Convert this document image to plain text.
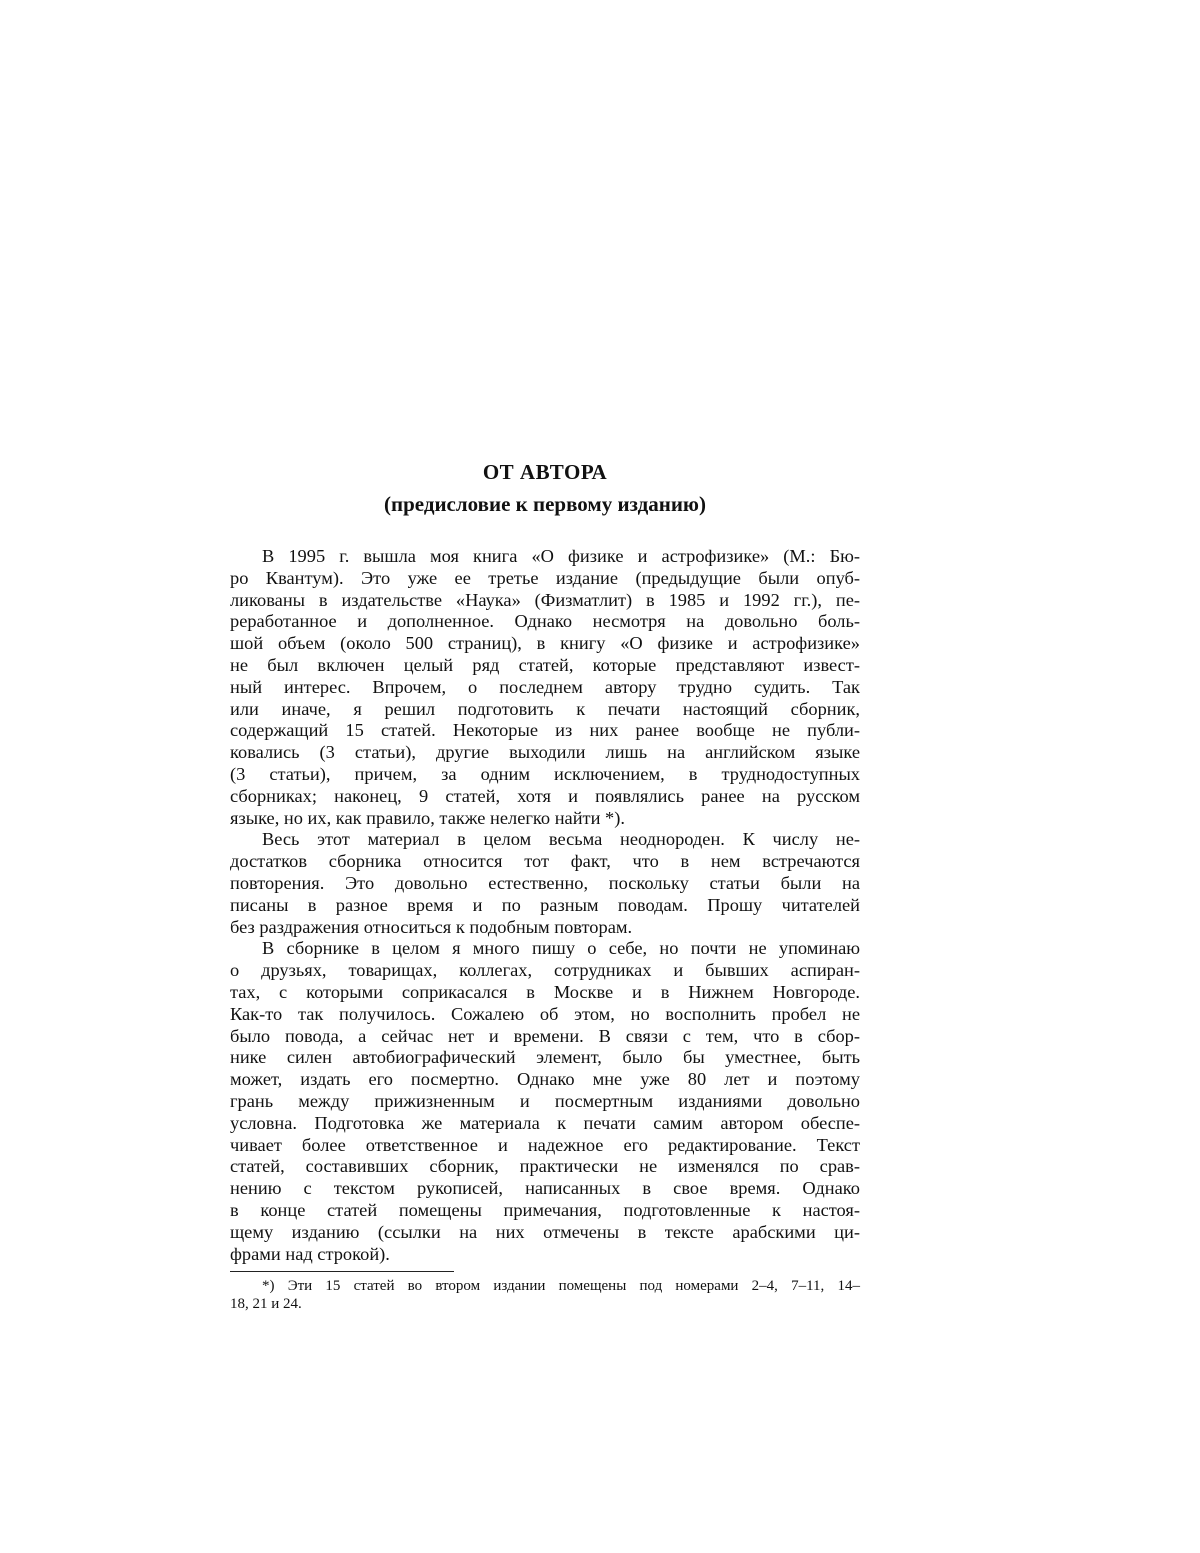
ОТ АВТОРА
(предисловие к первому изданию)
В 1995 г. вышла моя книга «О физике и астрофизике» (М.: Бю-
ро Квантум). Это уже ее третье издание (предыдущие были опуб-
ликованы в издательстве «Наука» (Физматлит) в 1985 и 1992 гг.), пе-
реработанное и дополненное. Однако несмотря на довольно боль-
шой объем (около 500 страниц), в книгу «О физике и астрофизике»
не был включен целый ряд статей, которые представляют извест-
ный интерес. Впрочем, о последнем автору трудно судить. Так
или иначе, я решил подготовить к печати настоящий сборник,
содержащий 15 статей. Некоторые из них ранее вообще не публи-
ковались (3 статьи), другие выходили лишь на английском языке
(3 статьи), причем, за одним исключением, в труднодоступных
сборниках; наконец, 9 статей, хотя и появлялись ранее на русском
языке, но их, как правило, также нелегко найти *).
Весь этот материал в целом весьма неоднороден. К числу не-
достатков сборника относится тот факт, что в нем встречаются
повторения. Это довольно естественно, поскольку статьи были на
писаны в разное время и по разным поводам. Прошу читателей
без раздражения относиться к подобным повторам.
В сборнике в целом я много пишу о себе, но почти не упоминаю
о друзьях, товарищах, коллегах, сотрудниках и бывших аспиран-
тах, с которыми соприкасался в Москве и в Нижнем Новгороде.
Как-то так получилось. Сожалею об этом, но восполнить пробел не
было повода, а сейчас нет и времени. В связи с тем, что в сбор-
нике силен автобиографический элемент, было бы уместнее, быть
может, издать его посмертно. Однако мне уже 80 лет и поэтому
грань между прижизненным и посмертным изданиями довольно
условна. Подготовка же материала к печати самим автором обеспе-
чивает более ответственное и надежное его редактирование. Текст
статей, составивших сборник, практически не изменялся по срав-
нению с текстом рукописей, написанных в свое время. Однако
в конце статей помещены примечания, подготовленные к настоя-
щему изданию (ссылки на них отмечены в тексте арабскими ци-
фрами над строкой).
*) Эти 15 статей во втором издании помещены под номерами 2–4, 7–11, 14–
18, 21 и 24.
